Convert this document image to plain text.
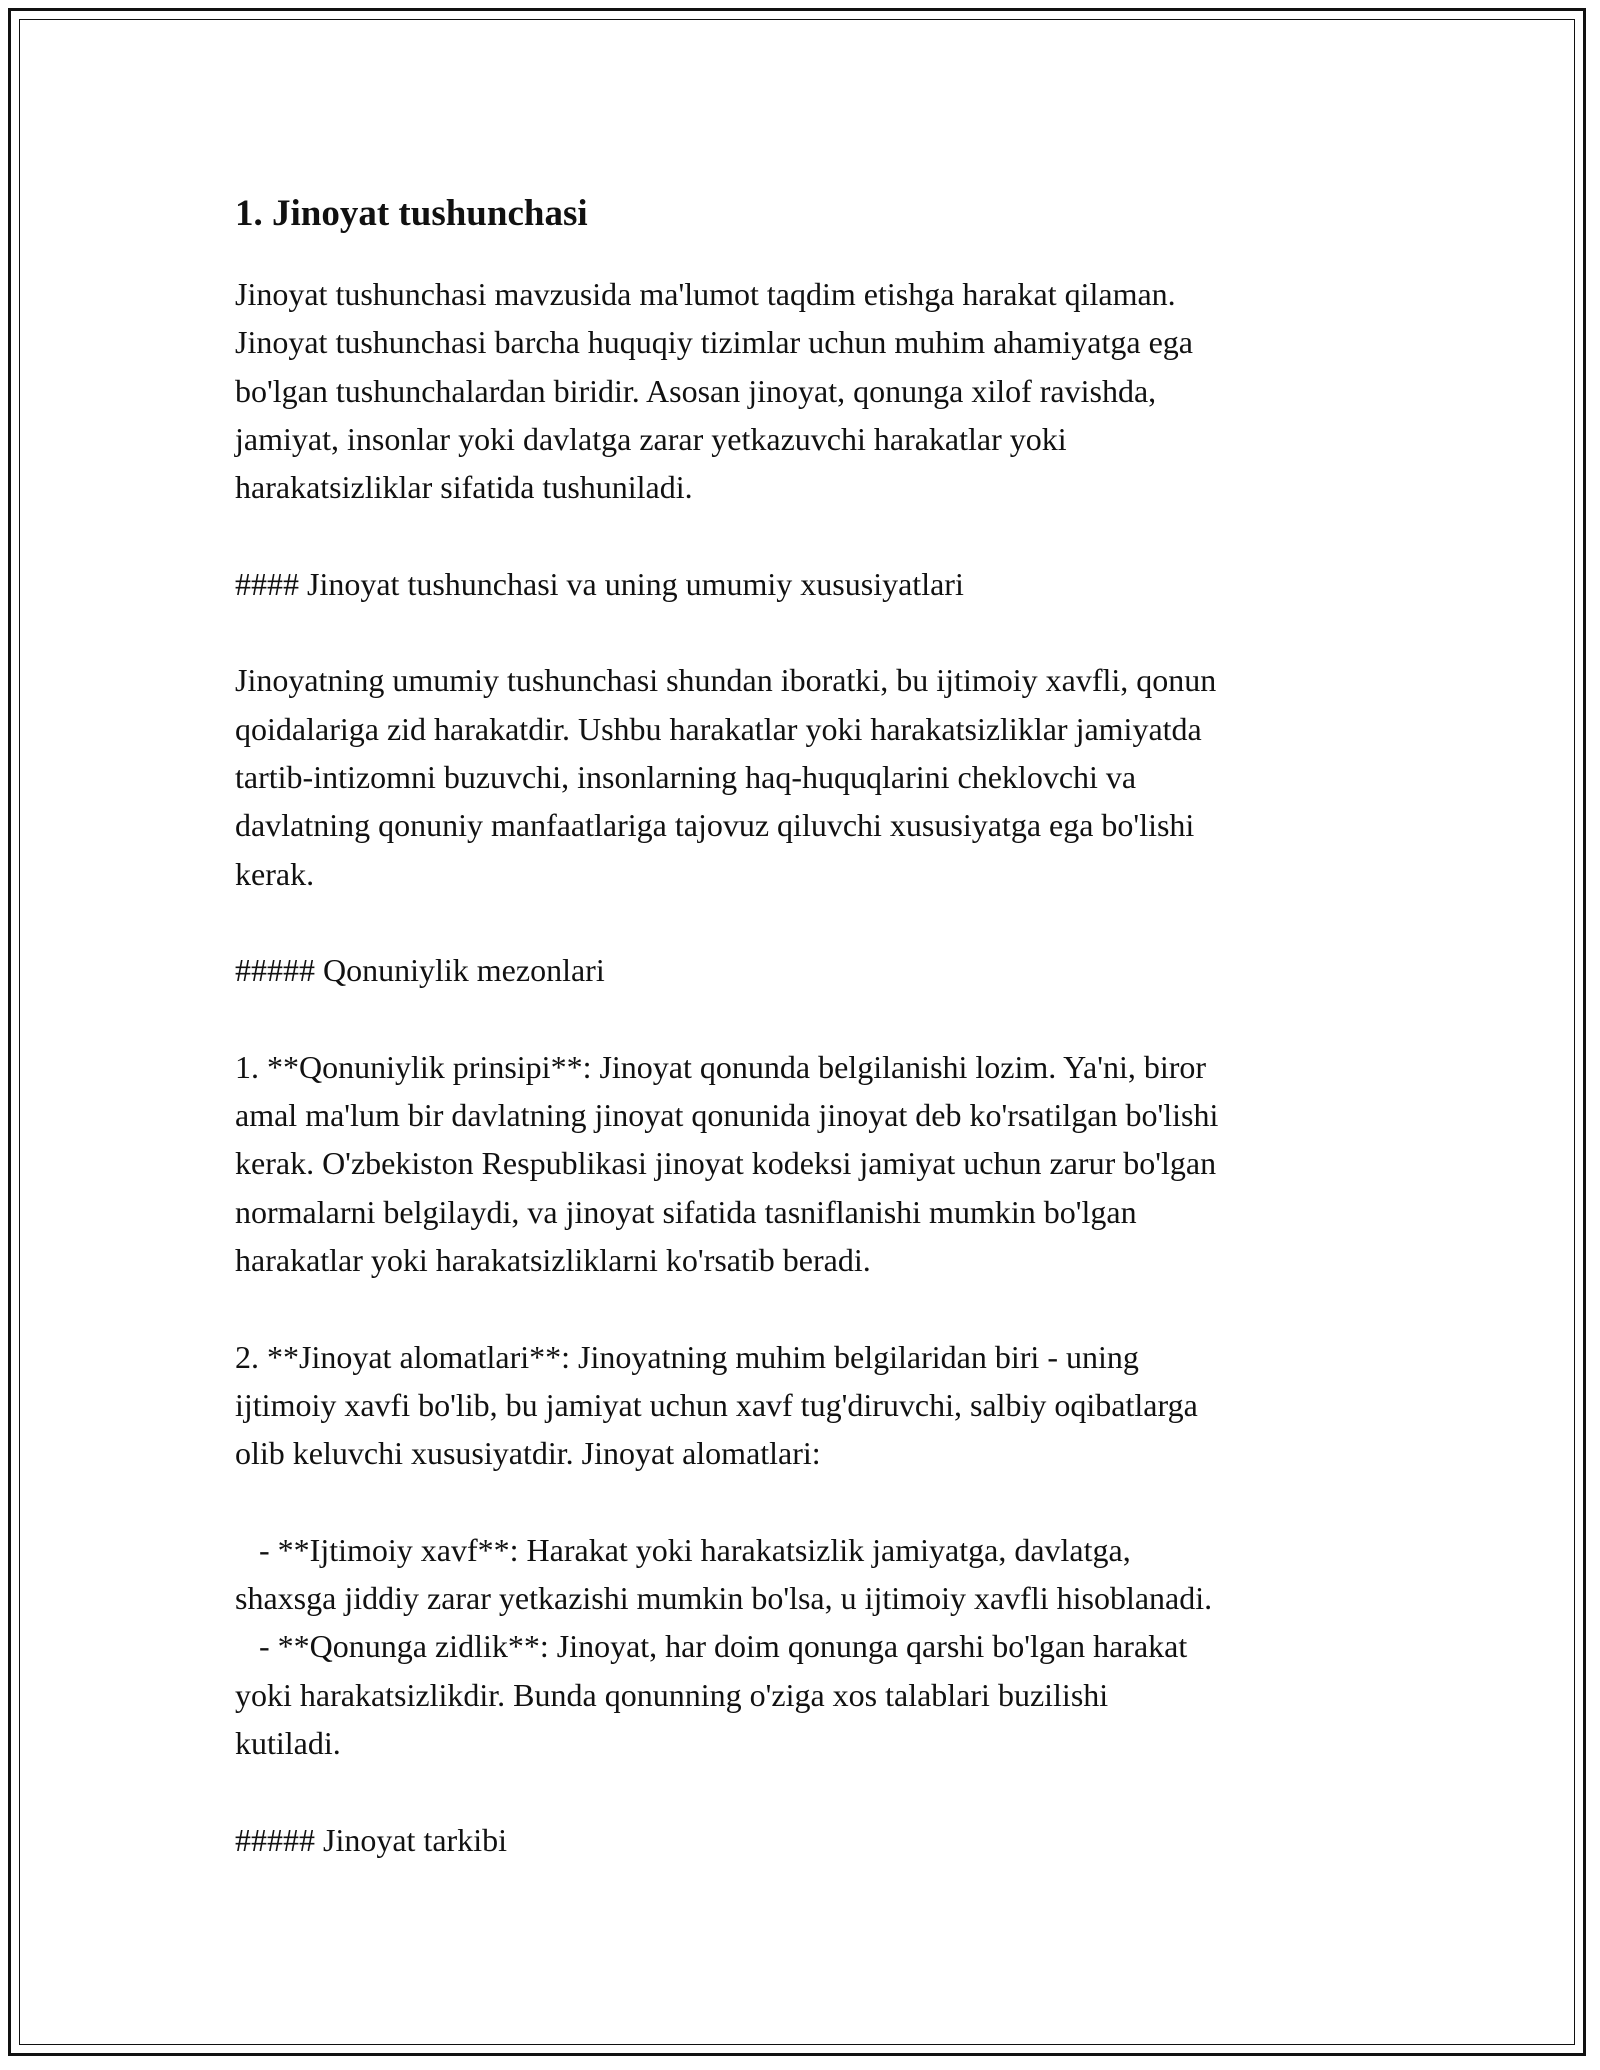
1. Jinoyat tushunchasi

Jinoyat tushunchasi mavzusida ma'lumot taqdim etishga harakat qilaman.
Jinoyat tushunchasi barcha huquqiy tizimlar uchun muhim ahamiyatga ega
bo'lgan tushunchalardan biridir. Asosan jinoyat, qonunga xilof ravishda,
jamiyat, insonlar yoki davlatga zarar yetkazuvchi harakatlar yoki
harakatsizliklar sifatida tushuniladi.

#### Jinoyat tushunchasi va uning umumiy xususiyatlari

Jinoyatning umumiy tushunchasi shundan iboratki, bu ijtimoiy xavfli, qonun
qoidalariga zid harakatdir. Ushbu harakatlar yoki harakatsizliklar jamiyatda
tartib-intizomni buzuvchi, insonlarning haq-huquqlarini cheklovchi va
davlatning qonuniy manfaatlariga tajovuz qiluvchi xususiyatga ega bo'lishi
kerak.

##### Qonuniylik mezonlari

1. **Qonuniylik prinsipi**: Jinoyat qonunda belgilanishi lozim. Ya'ni, biror
amal ma'lum bir davlatning jinoyat qonunida jinoyat deb ko'rsatilgan bo'lishi
kerak. O'zbekiston Respublikasi jinoyat kodeksi jamiyat uchun zarur bo'lgan
normalarni belgilaydi, va jinoyat sifatida tasniflanishi mumkin bo'lgan
harakatlar yoki harakatsizliklarni ko'rsatib beradi.

2. **Jinoyat alomatlari**: Jinoyatning muhim belgilaridan biri - uning
ijtimoiy xavfi bo'lib, bu jamiyat uchun xavf tug'diruvchi, salbiy oqibatlarga
olib keluvchi xususiyatdir. Jinoyat alomatlari:

- **Ijtimoiy xavf**: Harakat yoki harakatsizlik jamiyatga, davlatga,
shaxsga jiddiy zarar yetkazishi mumkin bo'lsa, u ijtimoiy xavfli hisoblanadi.
- **Qonunga zidlik**: Jinoyat, har doim qonunga qarshi bo'lgan harakat
yoki harakatsizlikdir. Bunda qonunning o'ziga xos talablari buzilishi
kutiladi.

##### Jinoyat tarkibi
